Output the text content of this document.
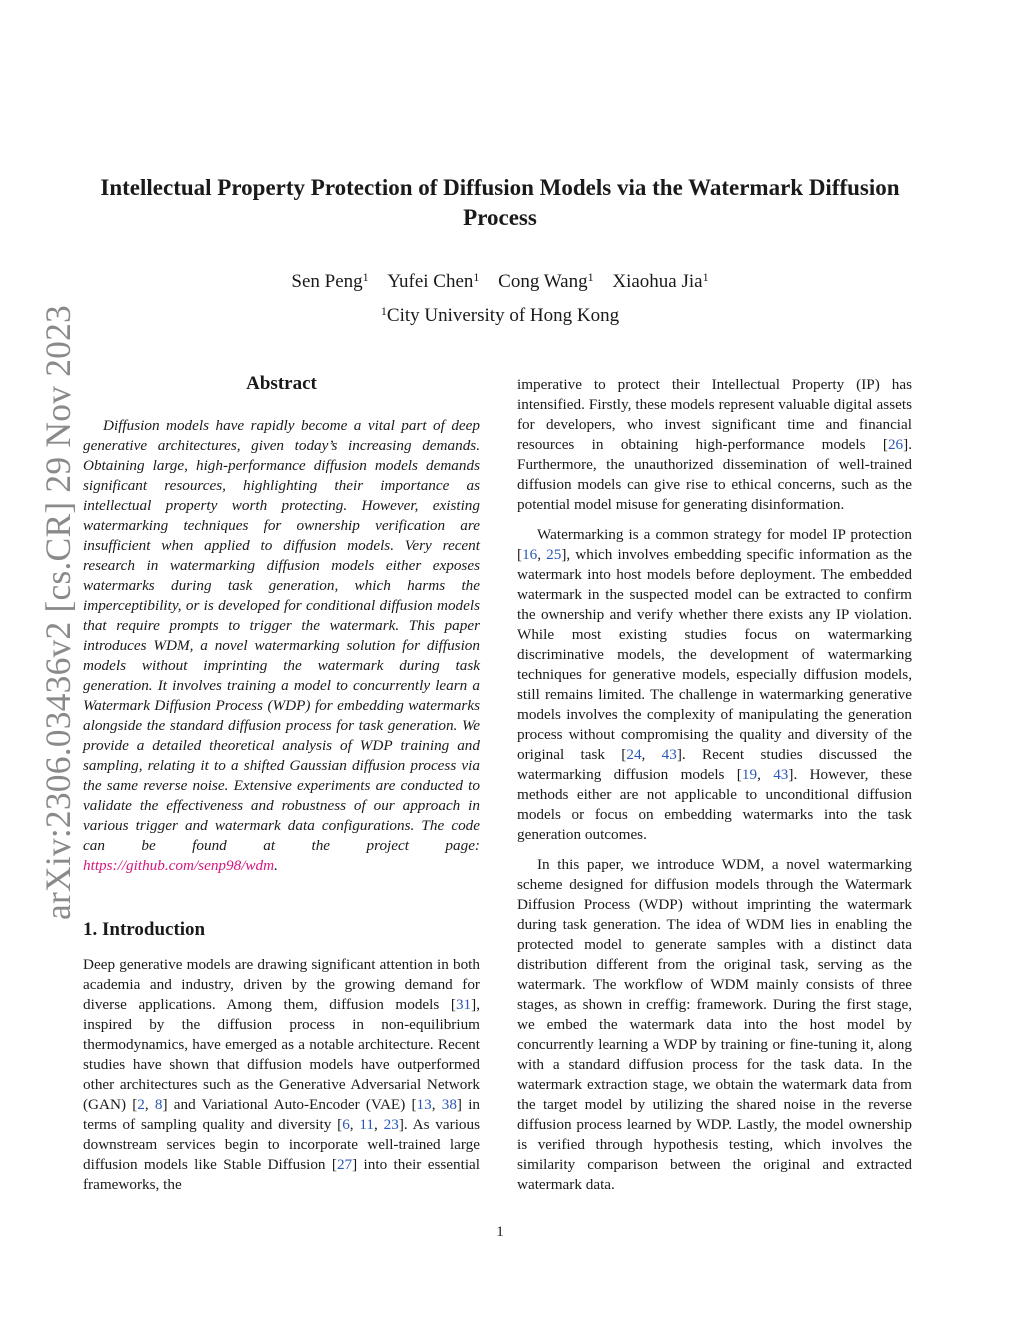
arXiv:2306.03436v2 [cs.CR] 29 Nov 2023
Intellectual Property Protection of Diffusion Models via the Watermark Diffusion Process
Sen Peng$^1$ Yufei Chen$^1$ Cong Wang$^1$ Xiaohua Jia$^1$
$^1$City University of Hong Kong
Abstract

Diffusion models have rapidly become a vital part of deep generative architectures, given today’s increasing demands. Obtaining large, high-performance diffusion models demands significant resources, highlighting their importance as intellectual property worth protecting. However, existing watermarking techniques for ownership verification are insufficient when applied to diffusion models. Very recent research in watermarking diffusion models either exposes watermarks during task generation, which harms the imperceptibility, or is developed for conditional diffusion models that require prompts to trigger the watermark. This paper introduces WDM, a novel watermarking solution for diffusion models without imprinting the watermark during task generation. It involves training a model to concurrently learn a Watermark Diffusion Process (WDP) for embedding watermarks alongside the standard diffusion process for task generation. We provide a detailed theoretical analysis of WDP training and sampling, relating it to a shifted Gaussian diffusion process via the same reverse noise. Extensive experiments are conducted to validate the effectiveness and robustness of our approach in various trigger and watermark data configurations. The code can be found at the project page: https://github.com/senp98/wdm.

1. Introduction

Deep generative models are drawing significant attention in both academia and industry, driven by the growing demand for diverse applications. Among them, diffusion models [31], inspired by the diffusion process in non-equilibrium thermodynamics, have emerged as a notable architecture. Recent studies have shown that diffusion models have outperformed other architectures such as the Generative Adversarial Network (GAN) [2, 8] and Variational Auto-Encoder (VAE) [13, 38] in terms of sampling quality and diversity [6, 11, 23]. As various downstream services begin to incorporate well-trained large diffusion models like Stable Diffusion [27] into their essential frameworks, the

imperative to protect their Intellectual Property (IP) has intensified. Firstly, these models represent valuable digital assets for developers, who invest significant time and financial resources in obtaining high-performance models [26]. Furthermore, the unauthorized dissemination of well-trained diffusion models can give rise to ethical concerns, such as the potential model misuse for generating disinformation.

Watermarking is a common strategy for model IP protection [16, 25], which involves embedding specific information as the watermark into host models before deployment. The embedded watermark in the suspected model can be extracted to confirm the ownership and verify whether there exists any IP violation. While most existing studies focus on watermarking discriminative models, the development of watermarking techniques for generative models, especially diffusion models, still remains limited. The challenge in watermarking generative models involves the complexity of manipulating the generation process without compromising the quality and diversity of the original task [24, 43]. Recent studies discussed the watermarking diffusion models [19, 43]. However, these methods either are not applicable to unconditional diffusion models or focus on embedding watermarks into the task generation outcomes.

In this paper, we introduce WDM, a novel watermarking scheme designed for diffusion models through the Watermark Diffusion Process (WDP) without imprinting the watermark during task generation. The idea of WDM lies in enabling the protected model to generate samples with a distinct data distribution different from the original task, serving as the watermark. The workflow of WDM mainly consists of three stages, as shown in creffig: framework. During the first stage, we embed the watermark data into the host model by concurrently learning a WDP by training or fine-tuning it, along with a standard diffusion process for the task data. In the watermark extraction stage, we obtain the watermark data from the target model by utilizing the shared noise in the reverse diffusion process learned by WDP. Lastly, the model ownership is verified through hypothesis testing, which involves the similarity comparison between the original and extracted watermark data.

1
